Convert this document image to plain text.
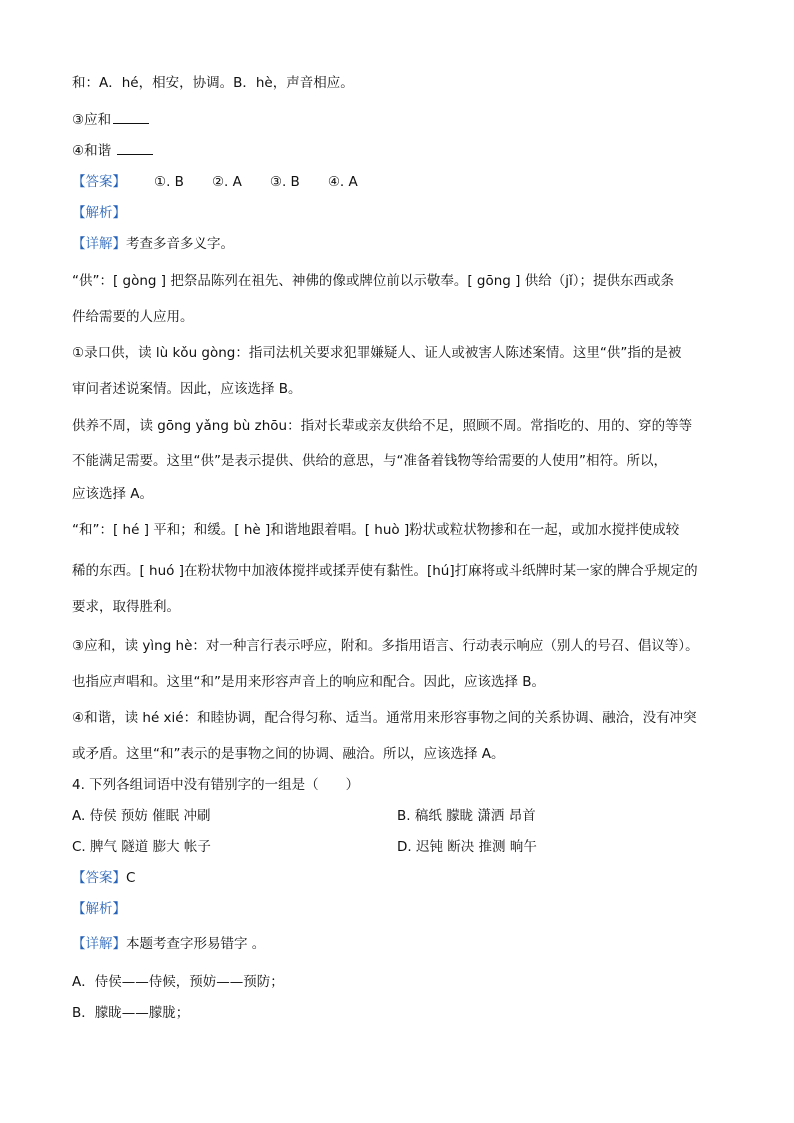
和：A．hé，相安，协调。B．hè，声音相应。
③应和
④和谐
【答案】 ①. B ②. A ③. B ④. A
【解析】
【详解】考查多音多义字。
“供”：[ gòng ] 把祭品陈列在祖先、神佛的像或牌位前以示敬奉。[ gōng ] 供给（jǐ）；提供东西或条
件给需要的人应用。
①录口供，读 lù kǒu gòng：指司法机关要求犯罪嫌疑人、证人或被害人陈述案情。这里“供”指的是被
审问者述说案情。因此，应该选择 B。
供养不周，读 gōng yǎng bù zhōu：指对长辈或亲友供给不足，照顾不周。常指吃的、用的、穿的等等
不能满足需要。这里“供”是表示提供、供给的意思，与“准备着钱物等给需要的人使用”相符。所以，
应该选择 A。
“和”：[ hé ] 平和；和缓。[ hè ]和谐地跟着唱。[ huò ]粉状或粒状物掺和在一起，或加水搅拌使成较
稀的东西。[ huó ]在粉状物中加液体搅拌或揉弄使有黏性。[hú]打麻将或斗纸牌时某一家的牌合乎规定的
要求，取得胜利。
③应和，读 yìng hè：对一种言行表示呼应，附和。多指用语言、行动表示响应（别人的号召、倡议等）。
也指应声唱和。这里“和”是用来形容声音上的响应和配合。因此，应该选择 B。
④和谐，读 hé xié：和睦协调，配合得匀称、适当。通常用来形容事物之间的关系协调、融洽，没有冲突
或矛盾。这里“和”表示的是事物之间的协调、融洽。所以，应该选择 A。
4. 下列各组词语中没有错别字的一组是（　　）
A. 侍侯 预妨 催眠 冲刷	B. 稿纸 朦眬 潇洒 昂首
C. 脾气 隧道 膨大 帐子	D. 迟钝 断决 推测 晌午
【答案】C
【解析】
【详解】本题考查字形易错字 。
A．侍侯——侍候，预妨——预防；
B．朦眬——朦胧；
